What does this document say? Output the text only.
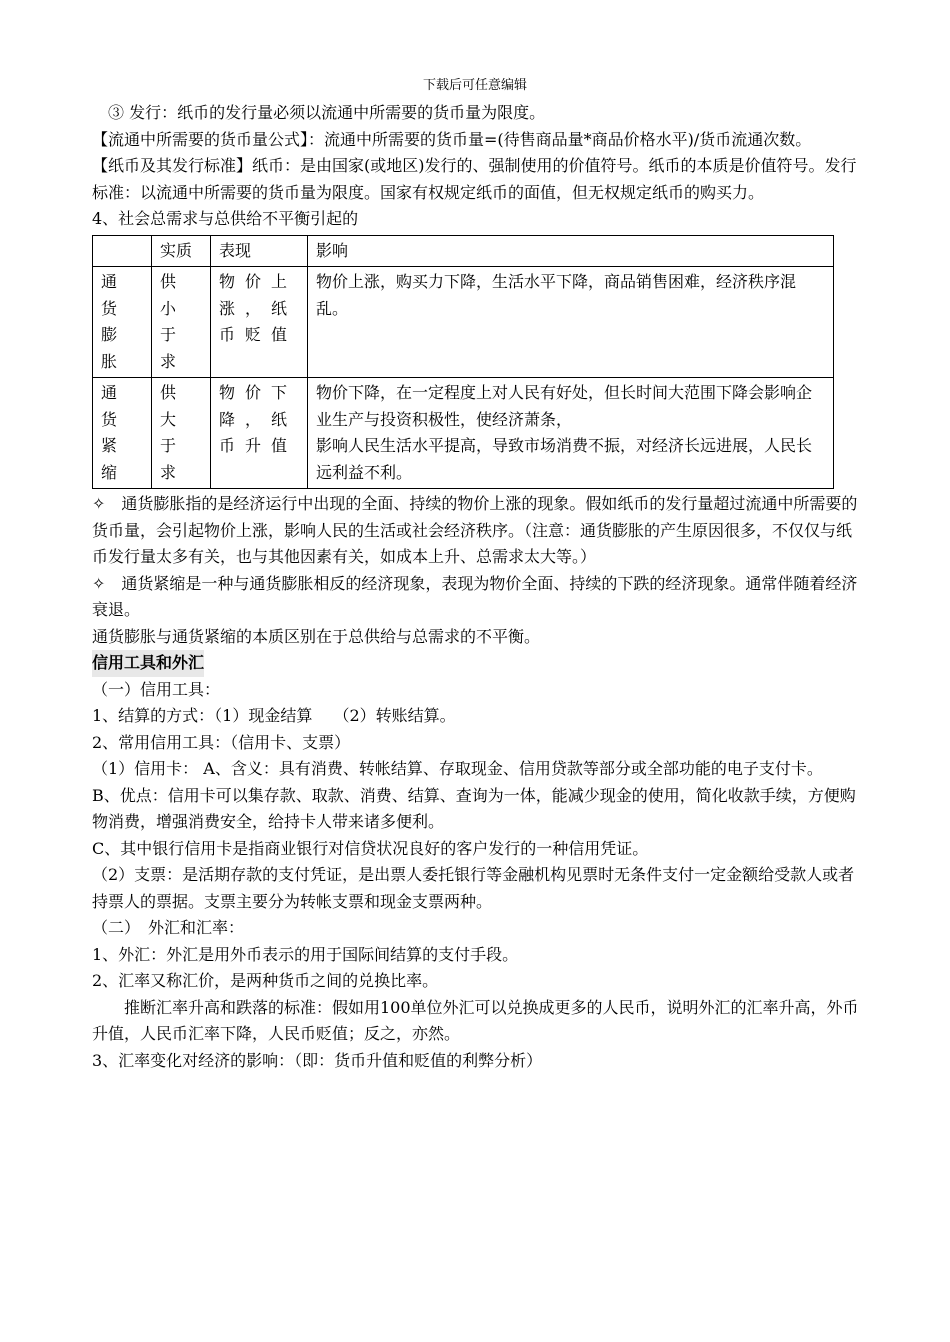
下载后可任意编辑

③ 发行：纸币的发行量必须以流通中所需要的货币量为限度。

【流通中所需要的货币量公式】：流通中所需要的货币量=(待售商品量*商品价格水平)/货币流通次数。

【纸币及其发行标准】纸币：是由国家(或地区)发行的、强制使用的价值符号。纸币的本质是价值符号。发行标准：以流通中所需要的货币量为限度。国家有权规定纸币的面值，但无权规定纸币的购买力。

4、社会总需求与总供给不平衡引起的

	实质	表现	影响
通货膨胀	供小于求	物价上涨，纸币贬值	物价上涨，购买力下降，生活水平下降，商品销售困难，经济秩序混乱。
通货紧缩	供大于求	物价下降，纸币升值	物价下降，在一定程度上对人民有好处，但长时间大范围下降会影响企业生产与投资积极性，使经济萧条，
影响人民生活水平提高，导致市场消费不振，对经济长远进展，人民长远利益不利。

✧　通货膨胀指的是经济运行中出现的全面、持续的物价上涨的现象。假如纸币的发行量超过流通中所需要的货币量，会引起物价上涨，影响人民的生活或社会经济秩序。（注意：通货膨胀的产生原因很多，不仅仅与纸币发行量太多有关，也与其他因素有关，如成本上升、总需求太大等。）

✧　通货紧缩是一种与通货膨胀相反的经济现象，表现为物价全面、持续的下跌的经济现象。通常伴随着经济衰退。

通货膨胀与通货紧缩的本质区别在于总供给与总需求的不平衡。

信用工具和外汇

（一）信用工具：

1、结算的方式：（1）现金结算　 （2）转账结算。

2、常用信用工具：（信用卡、支票）

（1）信用卡： A、含义：具有消费、转帐结算、存取现金、信用贷款等部分或全部功能的电子支付卡。

B、优点：信用卡可以集存款、取款、消费、结算、查询为一体，能减少现金的使用，简化收款手续，方便购物消费，增强消费安全，给持卡人带来诸多便利。

C、其中银行信用卡是指商业银行对信贷状况良好的客户发行的一种信用凭证。

（2）支票：是活期存款的支付凭证，是出票人委托银行等金融机构见票时无条件支付一定金额给受款人或者持票人的票据。支票主要分为转帐支票和现金支票两种。

（二）　外汇和汇率：

1、外汇：外汇是用外币表示的用于国际间结算的支付手段。

2、汇率又称汇价，是两种货币之间的兑换比率。

推断汇率升高和跌落的标准：假如用100单位外汇可以兑换成更多的人民币，说明外汇的汇率升高，外币升值，人民币汇率下降，人民币贬值；反之，亦然。

3、汇率变化对经济的影响：（即：货币升值和贬值的利弊分析）
